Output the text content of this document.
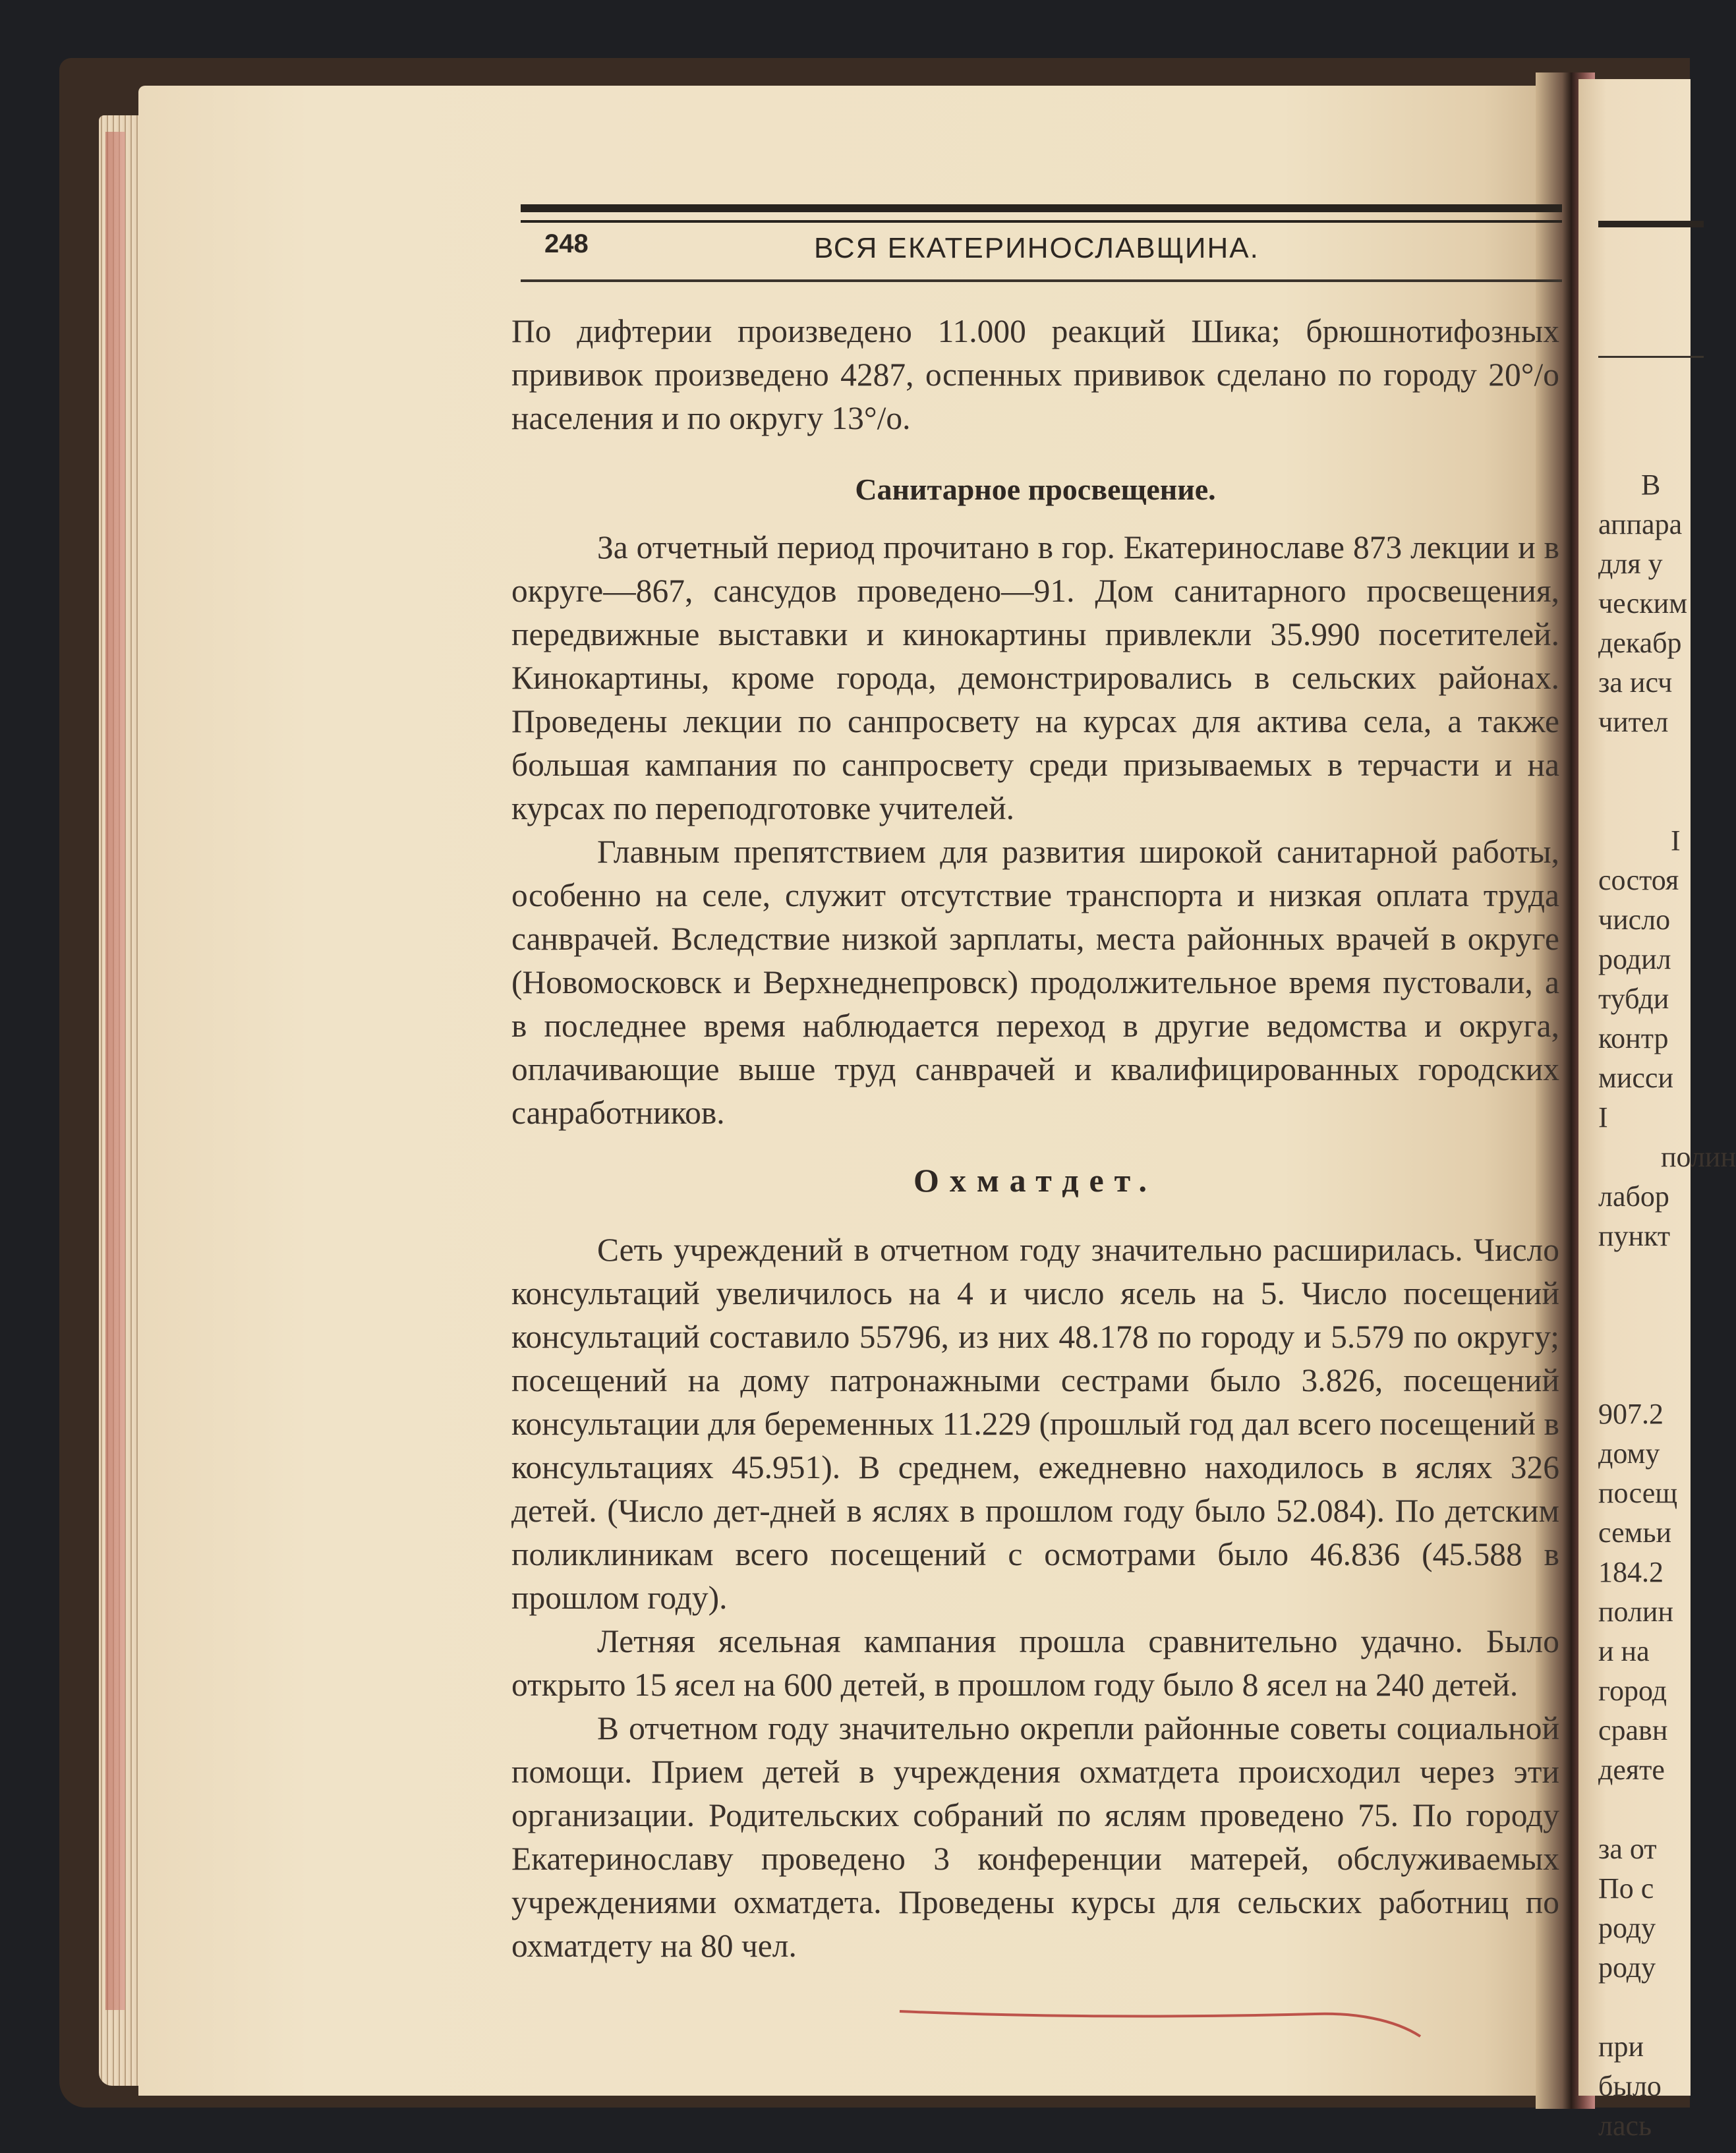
В
аппара
для у
ческим
декабр
за исч
чител
I
состоя
число
родил
тубди
контр
мисси
I
полин
лабор
пункт
907.2
дому
посещ
семьи
184.2
полин
и на
город
сравн
деяте
за от
По с
роду
роду
при
было
лась
248	ВСЯ ЕКАТЕРИНОСЛАВЩИНА.

По дифтерии произведено 11.000 реакций Шика; брюшнотифозных прививок произведено 4287, оспенных прививок сделано по городу 20°/о населения и по округу 13°/о.

Санитарное просвещение.

За отчетный период прочитано в гор. Екатеринославе 873 лекции и в округе—867, сансудов проведено—91. Дом санитарного просвещения, передвижные выставки и кинокартины привлекли 35.990 посетителей. Кинокартины, кроме города, демонстрировались в сельских районах. Проведены лекции по санпросвету на курсах для актива села, а также большая кампания по санпросвету среди призываемых в терчасти и на курсах по переподготовке учителей.

Главным препятствием для развития широкой санитарной работы, особенно на селе, служит отсутствие транспорта и низкая оплата труда санврачей. Вследствие низкой зарплаты, места районных врачей в округе (Новомосковск и Верхнеднепровск) продолжительное время пустовали, а в последнее время наблюдается переход в другие ведомства и округа, оплачивающие выше труд санврачей и квалифицированных городских санработников.

Охматдет.

Сеть учреждений в отчетном году значительно расширилась. Число консультаций увеличилось на 4 и число ясель на 5. Число посещений консультаций составило 55796, из них 48.178 по городу и 5.579 по округу; посещений на дому патронажными сестрами было 3.826, посещений консультации для беременных 11.229 (прошлый год дал всего посещений в консультациях 45.951). В среднем, ежедневно находилось в яслях 326 детей. (Число дет-дней в яслях в прошлом году было 52.084). По детским поликлиникам всего посещений с осмотрами было 46.836 (45.588 в прошлом году).

Летняя ясельная кампания прошла сравнительно удачно. Было открыто 15 ясел на 600 детей, в прошлом году было 8 ясел на 240 детей.

В отчетном году значительно окрепли районные советы социальной помощи. Прием детей в учреждения охматдета происходил через эти организации. Родительских собраний по яслям проведено 75. По городу Екатеринославу проведено 3 конференции матерей, обслуживаемых учреждениями охматдета. Проведены курсы для сельских работниц по охматдету на 80 чел.
